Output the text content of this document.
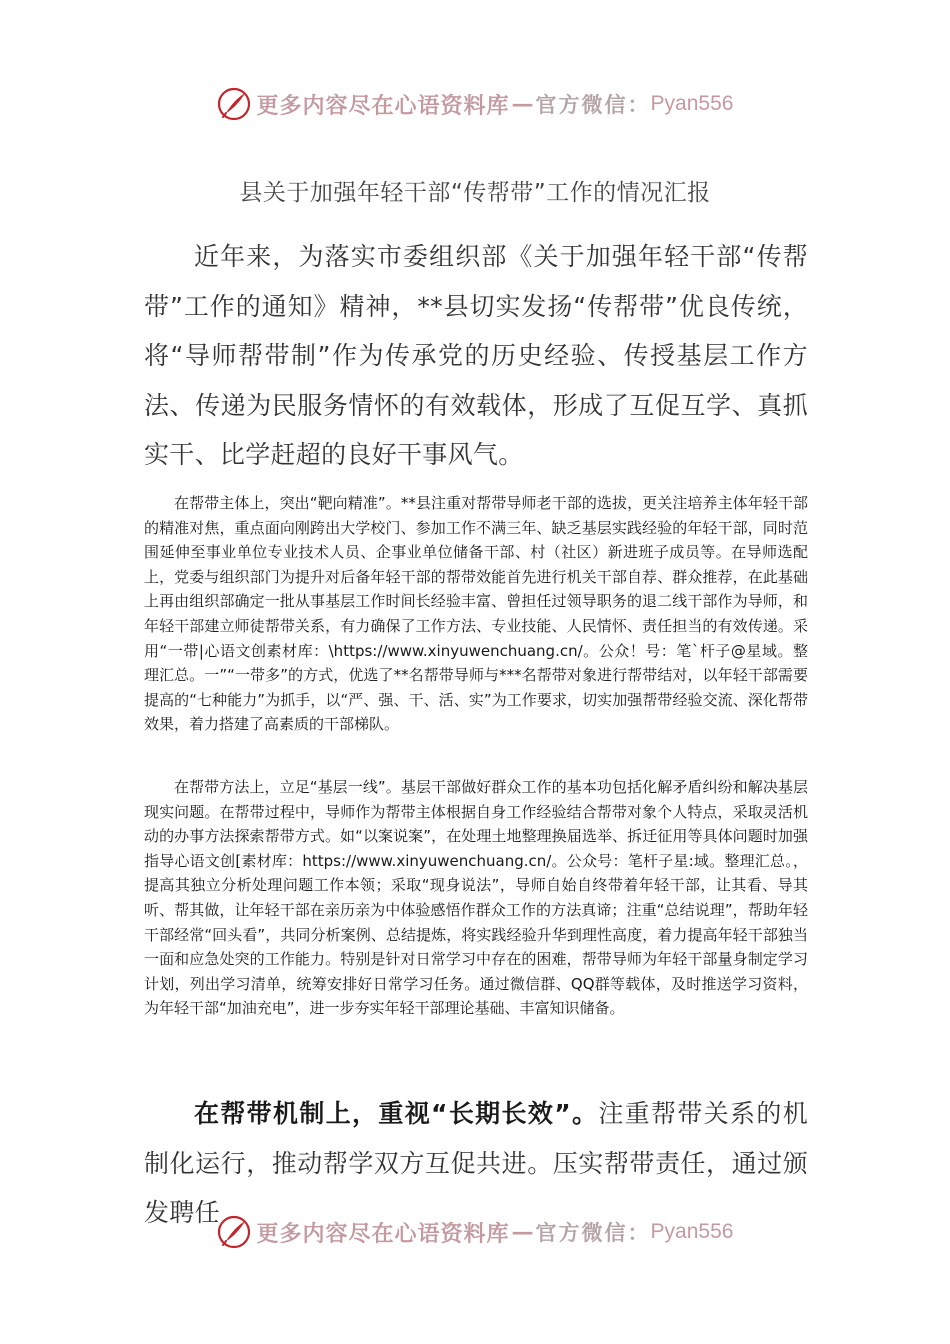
更多内容尽在心语资料库 — 官方微信： Pyan556
县关于加强年轻干部“传帮带”工作的情况汇报

近年来，为落实市委组织部《关于加强年轻干部“传帮带”工作的通知》精神，**县切实发扬“传帮带”优良传统，将“导师帮带制”作为传承党的历史经验、传授基层工作方法、传递为民服务情怀的有效载体，形成了互促互学、真抓实干、比学赶超的良好干事风气。

在帮带主体上，突出“靶向精准”。**县注重对帮带导师老干部的选拔，更关注培养主体年轻干部的精准对焦，重点面向刚跨出大学校门、参加工作不满三年、缺乏基层实践经验的年轻干部，同时范围延伸至事业单位专业技术人员、企事业单位储备干部、村（社区）新进班子成员等。在导师选配上，党委与组织部门为提升对后备年轻干部的帮带效能首先进行机关干部自荐、群众推荐，在此基础上再由组织部确定一批从事基层工作时间长经验丰富、曾担任过领导职务的退二线干部作为导师，和年轻干部建立师徒帮带关系，有力确保了工作方法、专业技能、人民情怀、责任担当的有效传递。采用“一带|心语文创素材库：\https://www.xinyuwenchuang.cn/。公众！号：笔`杆子@星域。整理汇总。一”“一带多”的方式，优选了**名帮带导师与***名帮带对象进行帮带结对，以年轻干部需要提高的“七种能力”为抓手，以“严、强、干、活、实”为工作要求，切实加强帮带经验交流、深化帮带效果，着力搭建了高素质的干部梯队。

在帮带方法上，立足“基层一线”。基层干部做好群众工作的基本功包括化解矛盾纠纷和解决基层现实问题。在帮带过程中，导师作为帮带主体根据自身工作经验结合帮带对象个人特点，采取灵活机动的办事方法探索帮带方式。如“以案说案”，在处理土地整理换届选举、拆迁征用等具体问题时加强指导心语文创[素材库：https://www.xinyuwenchuang.cn/。公众号：笔杆子星:域。整理汇总。，提高其独立分析处理问题工作本领；采取“现身说法”，导师自始自终带着年轻干部，让其看、导其听、帮其做，让年轻干部在亲历亲为中体验感悟作群众工作的方法真谛；注重“总结说理”，帮助年轻干部经常“回头看”，共同分析案例、总结提炼，将实践经验升华到理性高度，着力提高年轻干部独当一面和应急处突的工作能力。特别是针对日常学习中存在的困难，帮带导师为年轻干部量身制定学习计划，列出学习清单，统筹安排好日常学习任务。通过微信群、QQ群等载体，及时推送学习资料，为年轻干部“加油充电”，进一步夯实年轻干部理论基础、丰富知识储备。

在帮带机制上，重视“长期长效”。注重帮带关系的机制化运行，推动帮学双方互促共进。压实帮带责任，通过颁发聘任

更多内容尽在心语资料库 — 官方微信： Pyan556
